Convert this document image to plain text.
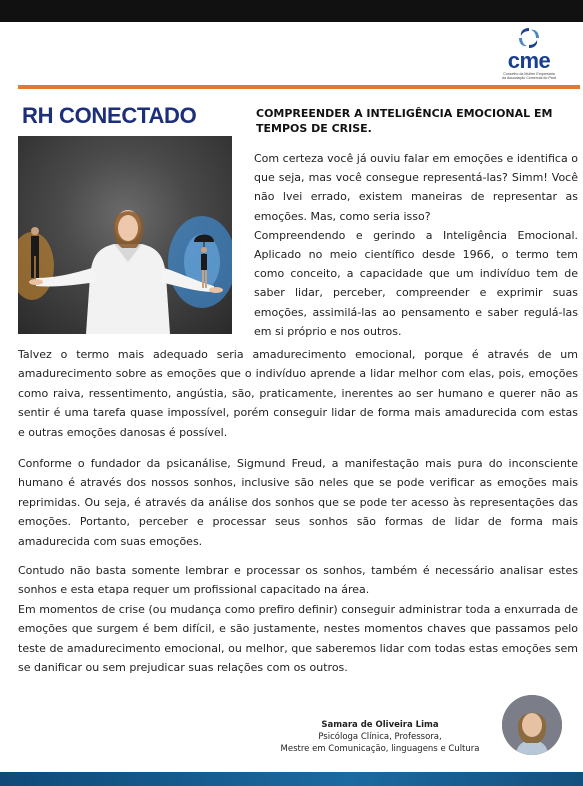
cme
Conselho da Mulher Empresária
da Associação Comercial do Pará
RH CONECTADO	COMPREENDER A INTELIGÊNCIA EMOCIONAL EM TEMPOS DE CRISE.

Com certeza você já ouviu falar em emoções e identifica o que seja, mas você consegue representá-las? Simm! Você não lvei errado, existem maneiras de representar as emoções. Mas, como seria isso?

Compreendendo e gerindo a Inteligência Emocional. Aplicado no meio científico desde 1966, o termo tem como conceito, a capacidade que um indivíduo tem de saber lidar, perceber, compreender e exprimir suas emoções, assimilá-las ao pensamento e saber regulá-las em si próprio e nos outros.

Talvez o termo mais adequado seria amadurecimento emocional, porque é através de um amadurecimento sobre as emoções que o indivíduo aprende a lidar melhor com elas, pois, emoções como raiva, ressentimento, angústia, são, praticamente, inerentes ao ser humano e querer não as sentir é uma tarefa quase impossível, porém conseguir lidar de forma mais amadurecida com estas e outras emoções danosas é possível.

Conforme o fundador da psicanálise, Sigmund Freud, a manifestação mais pura do inconsciente humano é através dos nossos sonhos, inclusive são neles que se pode verificar as emoções mais reprimidas. Ou seja, é através da análise dos sonhos que se pode ter acesso às representações das emoções. Portanto, perceber e processar seus sonhos são formas de lidar de forma mais amadurecida com suas emoções.

Contudo não basta somente lembrar e processar os sonhos, também é necessário analisar estes sonhos e esta etapa requer um profissional capacitado na área.

Em momentos de crise (ou mudança como prefiro definir) conseguir administrar toda a enxurrada de emoções que surgem é bem difícil, e são justamente, nestes momentos chaves que passamos pelo teste de amadurecimento emocional, ou melhor, que saberemos lidar com todas estas emoções sem se danificar ou sem prejudicar suas relações com os outros.

Samara de Oliveira Lima
Psicóloga Clínica, Professora,
Mestre em Comunicação, linguagens e Cultura
